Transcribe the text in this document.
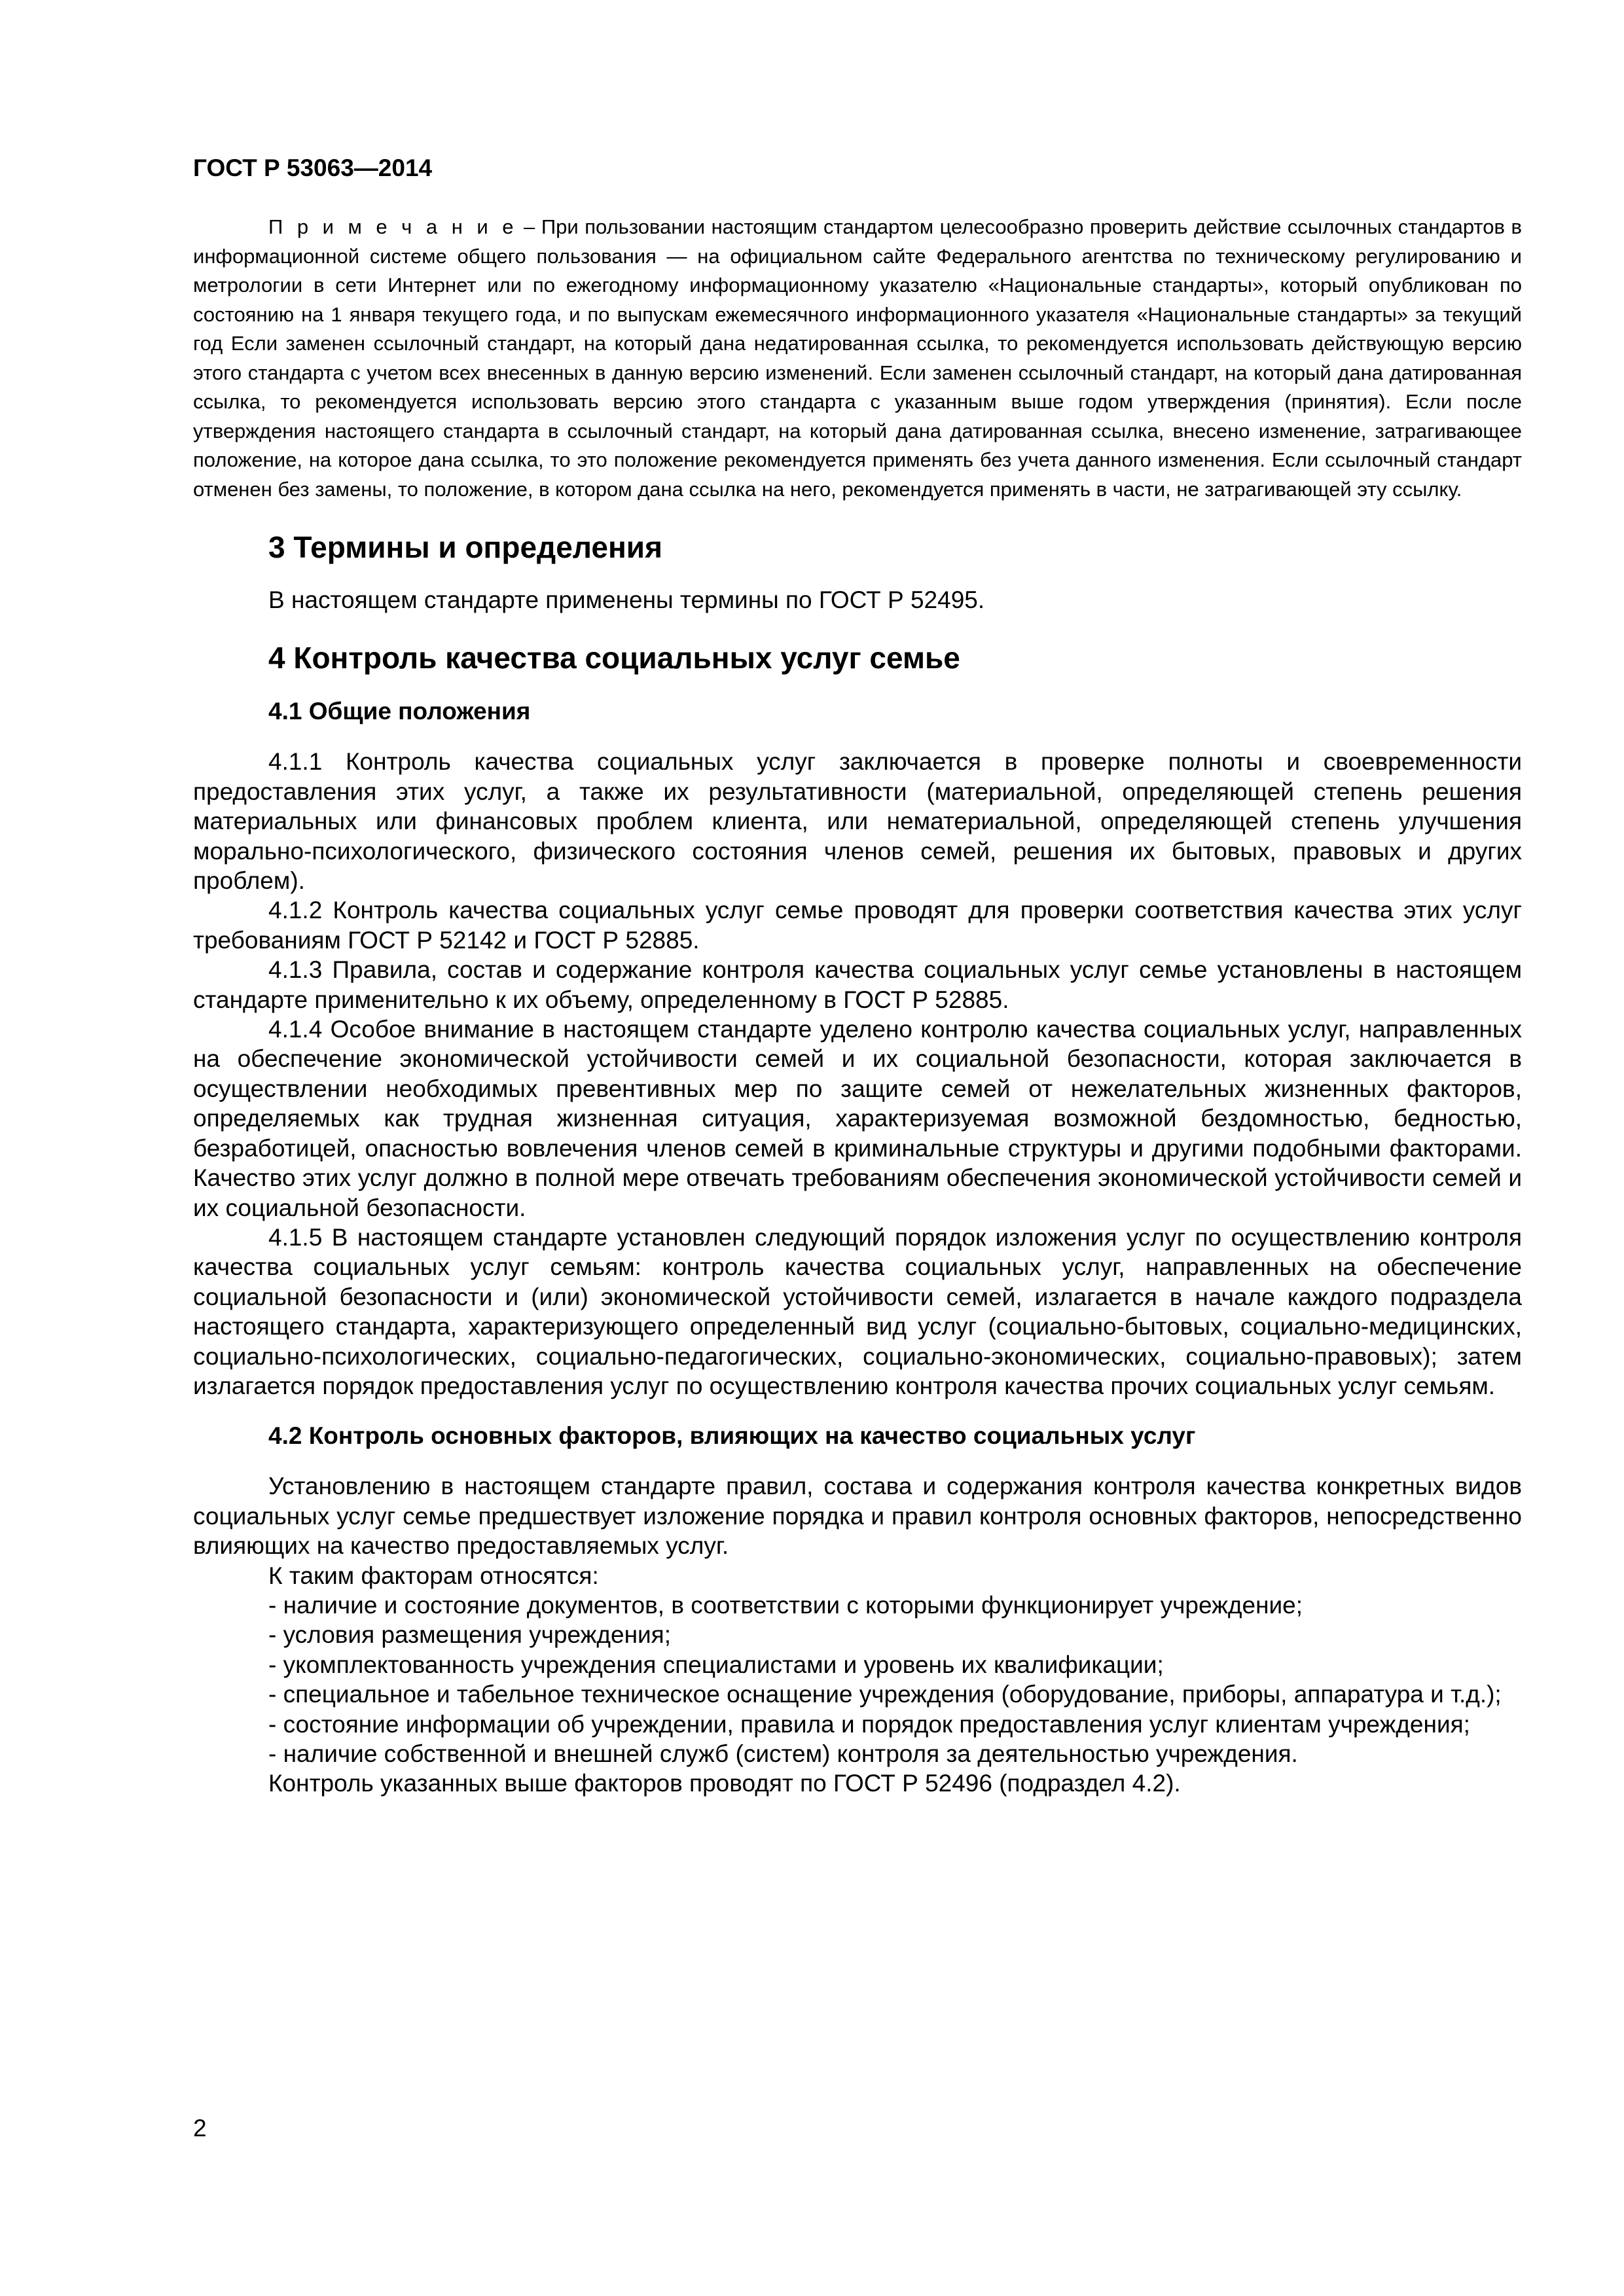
ГОСТ Р 53063—2014

П р и м е ч а н и е – При пользовании настоящим стандартом целесообразно проверить действие ссылочных стандартов в информационной системе общего пользования — на официальном сайте Федерального агентства по техническому регулированию и метрологии в сети Интернет или по ежегодному информационному указателю «Национальные стандарты», который опубликован по состоянию на 1 января текущего года, и по выпускам ежемесячного информационного указателя «Национальные стандарты» за текущий год Если заменен ссылочный стандарт, на который дана недатированная ссылка, то рекомендуется использовать действующую версию этого стандарта с учетом всех внесенных в данную версию изменений. Если заменен ссылочный стандарт, на который дана датированная ссылка, то рекомендуется использовать версию этого стандарта с указанным выше годом утверждения (принятия). Если после утверждения настоящего стандарта в ссылочный стандарт, на который дана датированная ссылка, внесено изменение, затрагивающее положение, на которое дана ссылка, то это положение рекомендуется применять без учета данного изменения. Если ссылочный стандарт отменен без замены, то положение, в котором дана ссылка на него, рекомендуется применять в части, не затрагивающей эту ссылку.

3 Термины и определения

В настоящем стандарте применены термины по ГОСТ Р 52495.

4 Контроль качества социальных услуг семье
4.1 Общие положения

4.1.1 Контроль качества социальных услуг заключается в проверке полноты и своевременности предоставления этих услуг, а также их результативности (материальной, определяющей степень решения материальных или финансовых проблем клиента, или нематериальной, определяющей степень улучшения морально-психологического, физического состояния членов семей, решения их бытовых, правовых и других проблем).

4.1.2 Контроль качества социальных услуг семье проводят для проверки соответствия качества этих услуг требованиям ГОСТ Р 52142 и ГОСТ Р 52885.

4.1.3 Правила, состав и содержание контроля качества социальных услуг семье установлены в настоящем стандарте применительно к их объему, определенному в ГОСТ Р 52885.

4.1.4 Особое внимание в настоящем стандарте уделено контролю качества социальных услуг, направленных на обеспечение экономической устойчивости семей и их социальной безопасности, которая заключается в осуществлении необходимых превентивных мер по защите семей от нежелательных жизненных факторов, определяемых как трудная жизненная ситуация, характеризуемая возможной бездомностью, бедностью, безработицей, опасностью вовлечения членов семей в криминальные структуры и другими подобными факторами. Качество этих услуг должно в полной мере отвечать требованиям обеспечения экономической устойчивости семей и их социальной безопасности.

4.1.5 В настоящем стандарте установлен следующий порядок изложения услуг по осуществлению контроля качества социальных услуг семьям: контроль качества социальных услуг, направленных на обеспечение социальной безопасности и (или) экономической устойчивости семей, излагается в начале каждого подраздела настоящего стандарта, характеризующего определенный вид услуг (социально-бытовых, социально-медицинских, социально-психологических, социально-педагогических, социально-экономических, социально-правовых); затем излагается порядок предоставления услуг по осуществлению контроля качества прочих социальных услуг семьям.

4.2 Контроль основных факторов, влияющих на качество социальных услуг

Установлению в настоящем стандарте правил, состава и содержания контроля качества конкретных видов социальных услуг семье предшествует изложение порядка и правил контроля основных факторов, непосредственно влияющих на качество предоставляемых услуг.

К таким факторам относятся:

- наличие и состояние документов, в соответствии с которыми функционирует учреждение;
- условия размещения учреждения;
- укомплектованность учреждения специалистами и уровень их квалификации;
- специальное и табельное техническое оснащение учреждения (оборудование, приборы, аппаратура и т.д.);
- состояние информации об учреждении, правила и порядок предоставления услуг клиентам учреждения;
- наличие собственной и внешней служб (систем) контроля за деятельностью учреждения.

Контроль указанных выше факторов проводят по ГОСТ Р 52496 (подраздел 4.2).

2
